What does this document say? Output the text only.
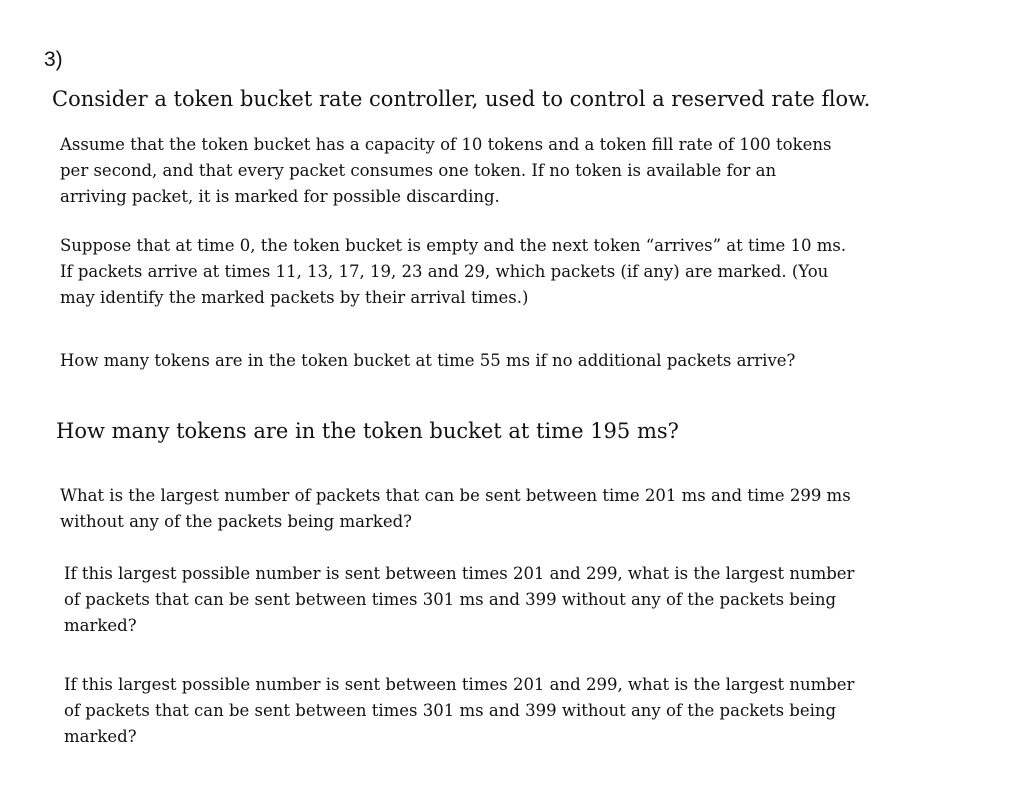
3)
Consider a token bucket rate controller, used to control a reserved rate flow.

Assume that the token bucket has a capacity of 10 tokens and a token fill rate of 100 tokens
per second, and that every packet consumes one token. If no token is available for an
arriving packet, it is marked for possible discarding.

Suppose that at time 0, the token bucket is empty and the next token “arrives” at time 10 ms.
If packets arrive at times 11, 13, 17, 19, 23 and 29, which packets (if any) are marked. (You
may identify the marked packets by their arrival times.)

How many tokens are in the token bucket at time 55 ms if no additional packets arrive?

How many tokens are in the token bucket at time 195 ms?

What is the largest number of packets that can be sent between time 201 ms and time 299 ms
without any of the packets being marked?

If this largest possible number is sent between times 201 and 299, what is the largest number
of packets that can be sent between times 301 ms and 399 without any of the packets being
marked?

If this largest possible number is sent between times 201 and 299, what is the largest number
of packets that can be sent between times 301 ms and 399 without any of the packets being
marked?
